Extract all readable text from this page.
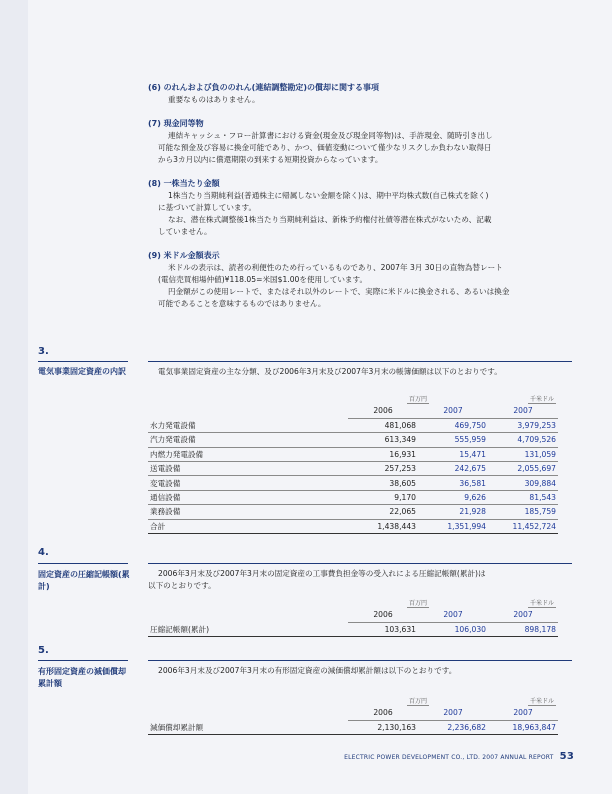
(6) のれんおよび負ののれん(連結調整勘定)の償却に関する事項

重要なものはありません。

(7) 現金同等物

連結キャッシュ・フロー計算書における資金(現金及び現金同等物)は、手許現金、随時引き出し

可能な預金及び容易に換金可能であり、かつ、価値変動について僅少なリスクしか負わない取得日

から3カ月以内に償還期限の到来する短期投資からなっています。

(8) 一株当たり金額

1株当たり当期純利益(普通株主に帰属しない金額を除く)は、期中平均株式数(自己株式を除く)

に基づいて計算しています。

なお、潜在株式調整後1株当たり当期純利益は、新株予約権付社債等潜在株式がないため、記載

していません。

(9) 米ドル金額表示

米ドルの表示は、読者の利便性のため行っているものであり、2007年 3月 30日の直物為替レート

(電信売買相場仲値)¥118.05=米国$1.00を使用しています。

円金額がこの使用レートで、またはそれ以外のレートで、実際に米ドルに換金される、あるいは換金

可能であることを意味するものではありません。

3.
電気事業固定資産の内訳	電気事業固定資産の主な分類、及び2006年3月末及び2007年3月末の帳簿価額は以下のとおりです。
	百万円		千米ドル
	2006	2007	2007
水力発電設備	481,068	469,750	3,979,253
汽力発電設備	613,349	555,959	4,709,526
内燃力発電設備	16,931	15,471	131,059
送電設備	257,253	242,675	2,055,697
変電設備	38,605	36,581	309,884
通信設備	9,170	9,626	81,543
業務設備	22,065	21,928	185,759
合計	1,438,443	1,351,994	11,452,724
4.
固定資産の圧縮記帳額(累計)
2006年3月末及び2007年3月末の固定資産の工事費負担金等の受入れによる圧縮記帳額(累計)は
以下のとおりです。
	百万円		千米ドル
	2006	2007	2007
圧縮記帳額(累計)	103,631	106,030	898,178
5.
有形固定資産の減価償却累計額
2006年3月末及び2007年3月末の有形固定資産の減価償却累計額は以下のとおりです。
	百万円		千米ドル
	2006	2007	2007
減価償却累計額	2,130,163	2,236,682	18,963,847
ELECTRIC POWER DEVELOPMENT CO., LTD. 2007 ANNUAL REPORT 53
